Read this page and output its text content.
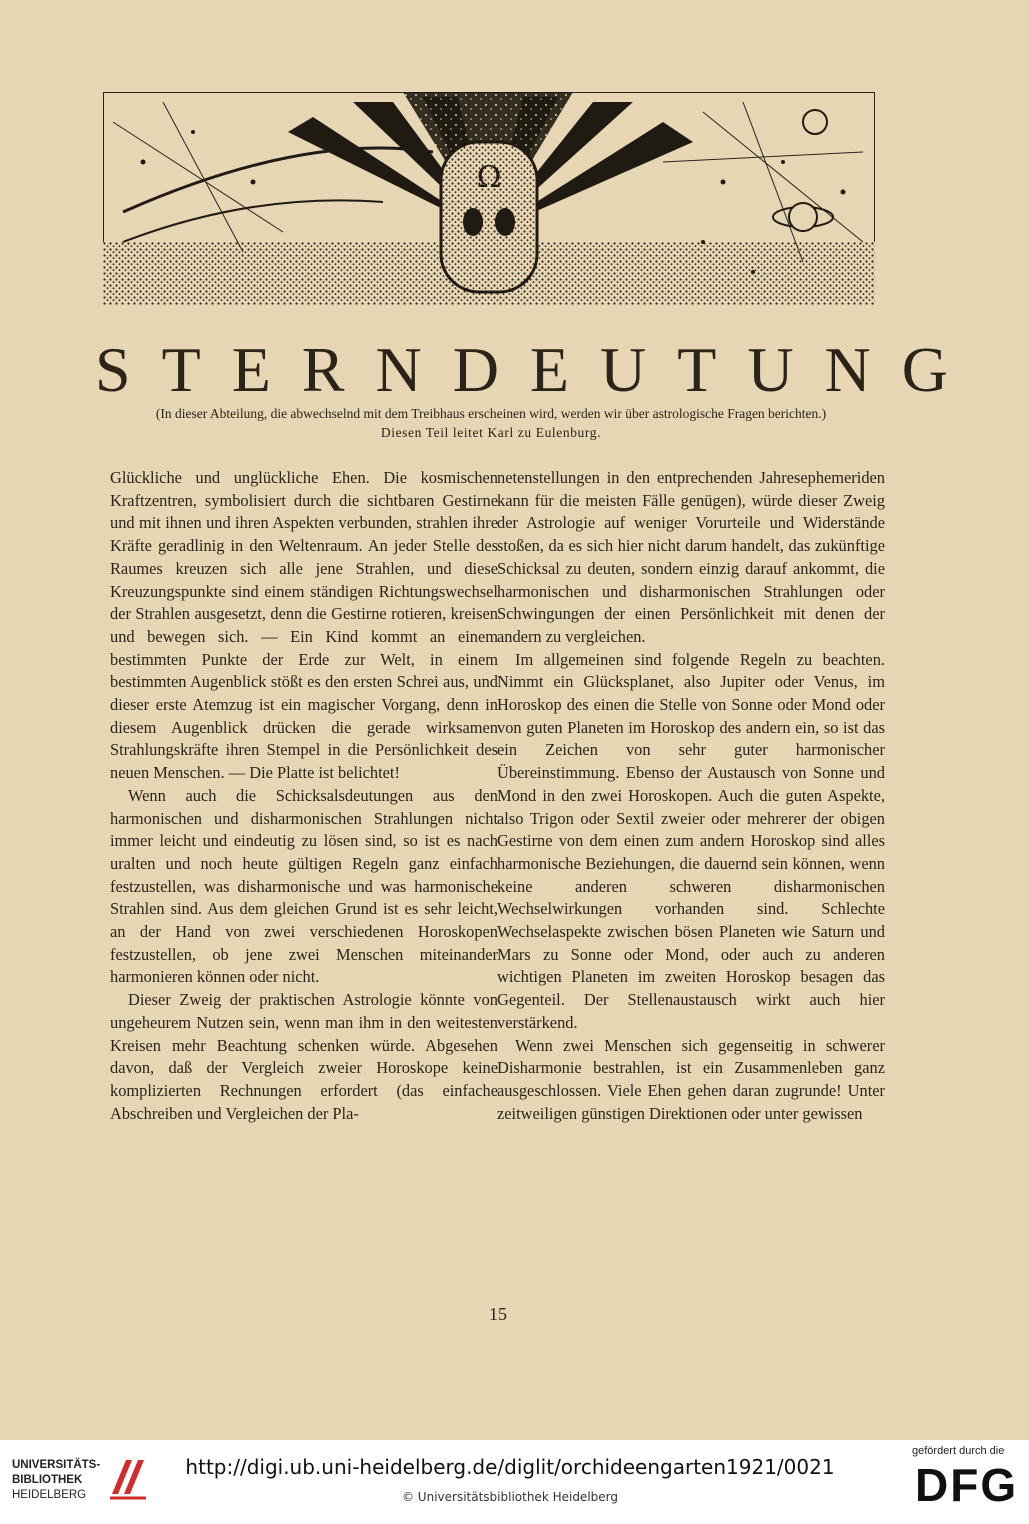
Ω
STERNDEUTUNG
(In dieser Abteilung, die abwechselnd mit dem Treibhaus erscheinen wird, werden wir über astrologische Fragen berichten.)
Diesen Teil leitet Karl zu Eulenburg.

Glückliche und unglückliche Ehen. Die kosmischen Kraftzentren, symbolisiert durch die sichtbaren Gestirne und mit ihnen und ihren Aspekten verbunden, strahlen ihre Kräfte geradlinig in den Weltenraum. An jeder Stelle des Raumes kreuzen sich alle jene Strahlen, und diese Kreuzungspunkte sind einem ständigen Richtungswechsel der Strahlen ausgesetzt, denn die Gestirne rotieren, kreisen und bewegen sich. — Ein Kind kommt an einem bestimmten Punkte der Erde zur Welt, in einem bestimmten Augenblick stößt es den ersten Schrei aus, und dieser erste Atemzug ist ein magischer Vorgang, denn in diesem Augenblick drücken die gerade wirksamen Strahlungskräfte ihren Stempel in die Persönlichkeit des neuen Menschen. — Die Platte ist belichtet!

Wenn auch die Schicksalsdeutungen aus den harmonischen und disharmonischen Strahlungen nicht immer leicht und eindeutig zu lösen sind, so ist es nach uralten und noch heute gültigen Regeln ganz einfach festzustellen, was disharmonische und was harmonische Strahlen sind. Aus dem gleichen Grund ist es sehr leicht, an der Hand von zwei verschiedenen Horoskopen festzustellen, ob jene zwei Menschen miteinander harmonieren können oder nicht.

Dieser Zweig der praktischen Astrologie könnte von ungeheurem Nutzen sein, wenn man ihm in den weitesten Kreisen mehr Beachtung schenken würde. Abgesehen davon, daß der Vergleich zweier Horoskope keine komplizierten Rechnungen erfordert (das einfache Abschreiben und Vergleichen der Pla-

netenstellungen in den entprechenden Jahresephemeriden kann für die meisten Fälle genügen), würde dieser Zweig der Astrologie auf weniger Vorurteile und Widerstände stoßen, da es sich hier nicht darum handelt, das zukünftige Schicksal zu deuten, sondern einzig darauf ankommt, die harmonischen und disharmonischen Strahlungen oder Schwingungen der einen Persönlichkeit mit denen der andern zu vergleichen.

Im allgemeinen sind folgende Regeln zu beachten. Nimmt ein Glücksplanet, also Jupiter oder Venus, im Horoskop des einen die Stelle von Sonne oder Mond oder von guten Planeten im Horoskop des andern ein, so ist das ein Zeichen von sehr guter harmonischer Übereinstimmung. Ebenso der Austausch von Sonne und Mond in den zwei Horoskopen. Auch die guten Aspekte, also Trigon oder Sextil zweier oder mehrerer der obigen Gestirne von dem einen zum andern Horoskop sind alles harmonische Beziehungen, die dauernd sein können, wenn keine anderen schweren disharmonischen Wechselwirkungen vorhanden sind. Schlechte Wechselaspekte zwischen bösen Planeten wie Saturn und Mars zu Sonne oder Mond, oder auch zu anderen wichtigen Planeten im zweiten Horoskop besagen das Gegenteil. Der Stellenaustausch wirkt auch hier verstärkend.

Wenn zwei Menschen sich gegenseitig in schwerer Disharmonie bestrahlen, ist ein Zusammenleben ganz ausgeschlossen. Viele Ehen gehen daran zugrunde! Unter zeitweiligen günstigen Direktionen oder unter gewissen

15
UNIVERSITÄTS-
BIBLIOTHEK
HEIDELBERG
http://digi.ub.uni-heidelberg.de/diglit/orchideengarten1921/0021
© Universitätsbibliothek Heidelberg
gefördert durch die
DFG
